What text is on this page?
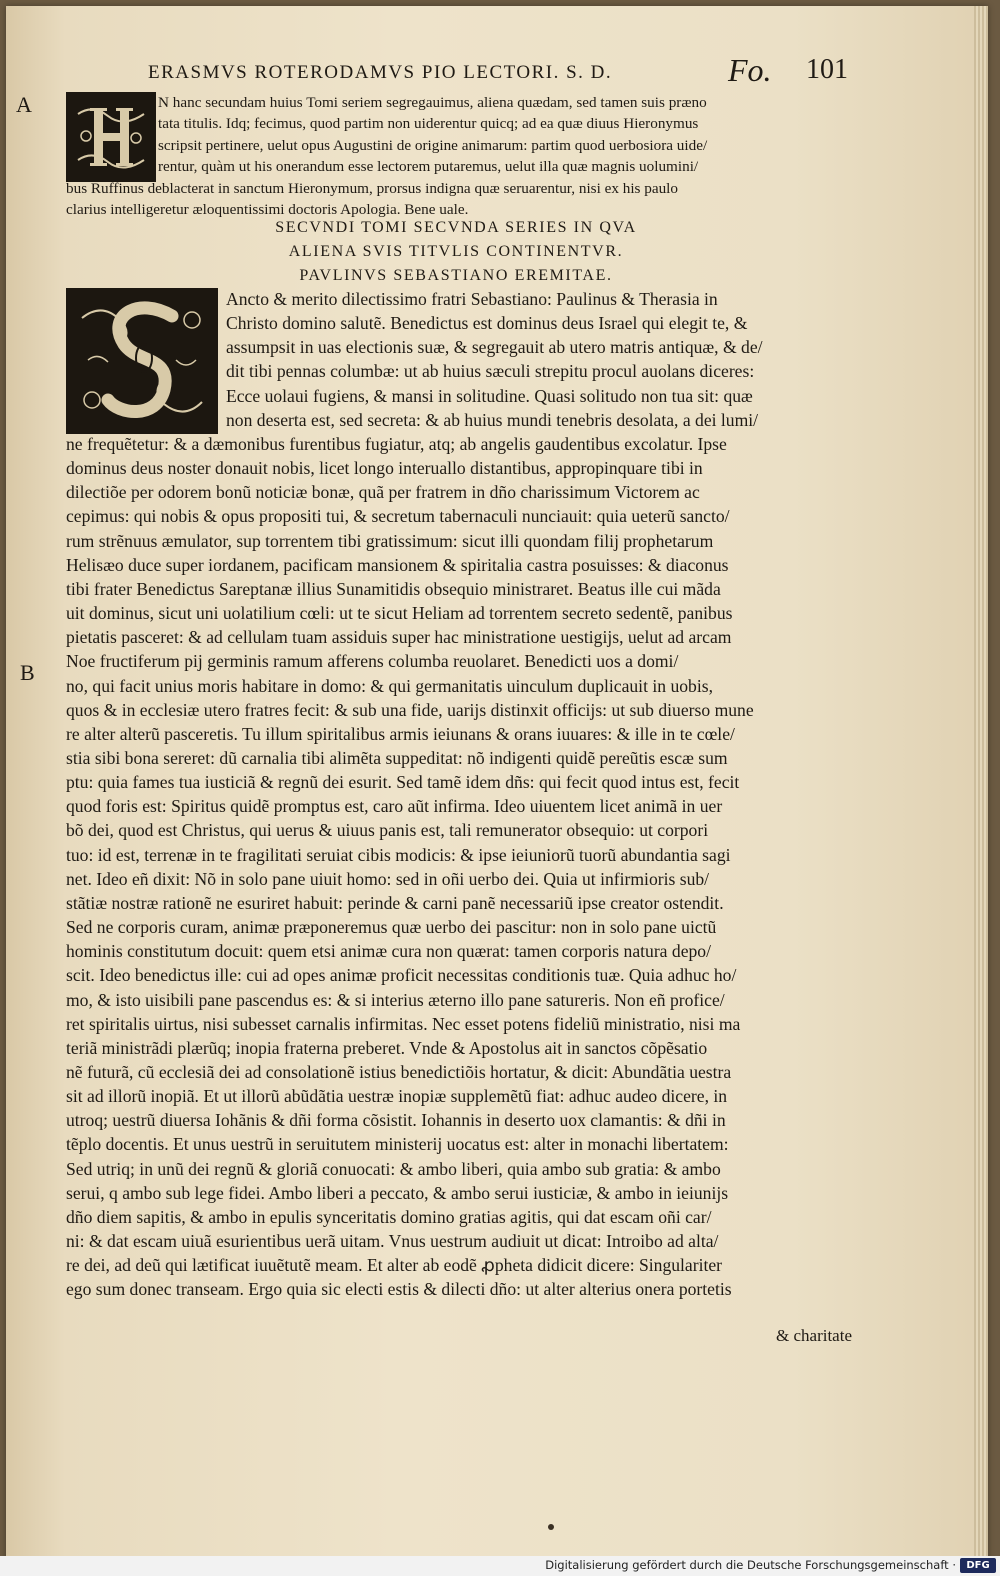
ERASMVS ROTERODAMVS PIO LECTORI. S. D.	Fo. 101
A
B
N hanc secundam huius Tomi seriem segregauimus, aliena quædam, sed tamen suis præno
tata titulis. Idq; fecimus, quod partim non uiderentur quicq; ad ea quæ diuus Hieronymus
scripsit pertinere, uelut opus Augustini de origine animarum: partim quod uerbosiora uide/
rentur, quàm ut his onerandum esse lectorem putaremus, uelut illa quæ magnis uolumini/
bus Ruffinus deblacterat in sanctum Hieronymum, prorsus indigna quæ seruarentur, nisi ex his paulo
clarius intelligeretur æloquentissimi doctoris Apologia. Bene uale.
SECVNDI TOMI SECVNDA SERIES IN QVA
ALIENA SVIS TITVLIS CONTINENTVR.
PAVLINVS SEBASTIANO EREMITAE.
Ancto & merito dilectissimo fratri Sebastiano: Paulinus & Therasia in
Christo domino salutẽ. Benedictus est dominus deus Israel qui elegit te, &
assumpsit in uas electionis suæ, & segregauit ab utero matris antiquæ, & de/
dit tibi pennas columbæ: ut ab huius sæculi strepitu procul auolans diceres:
Ecce uolaui fugiens, & mansi in solitudine. Quasi solitudo non tua sit: quæ
non deserta est, sed secreta: & ab huius mundi tenebris desolata, a dei lumi/
ne frequẽtetur: & a dæmonibus furentibus fugiatur, atq; ab angelis gaudentibus excolatur. Ipse
dominus deus noster donauit nobis, licet longo interuallo distantibus, appropinquare tibi in
dilectiõe per odorem bonũ noticiæ bonæ, quã per fratrem in dño charissimum Victorem ac
cepimus: qui nobis & opus propositi tui, & secretum tabernaculi nunciauit: quia ueterũ sancto/
rum strẽnuus æmulator, sup torrentem tibi gratissimum: sicut illi quondam filij prophetarum
Helisæo duce super iordanem, pacificam mansionem & spiritalia castra posuisses: & diaconus
tibi frater Benedictus Sareptanæ illius Sunamitidis obsequio ministraret. Beatus ille cui mãda
uit dominus, sicut uni uolatilium cœli: ut te sicut Heliam ad torrentem secreto sedentẽ, panibus
pietatis pasceret: & ad cellulam tuam assiduis super hac ministratione uestigijs, uelut ad arcam
Noe fructiferum pij germinis ramum afferens columba reuolaret. Benedicti uos a domi/
no, qui facit unius moris habitare in domo: & qui germanitatis uinculum duplicauit in uobis,
quos & in ecclesiæ utero fratres fecit: & sub una fide, uarijs distinxit officijs: ut sub diuerso mune
re alter alterũ pasceretis. Tu illum spiritalibus armis ieiunans & orans iuuares: & ille in te cœle/
stia sibi bona sereret: dũ carnalia tibi alimẽta suppeditat: nõ indigenti quidẽ pereũtis escæ sum
ptu: quia fames tua iusticiã & regnũ dei esurit. Sed tamẽ idem dñs: qui fecit quod intus est, fecit
quod foris est: Spiritus quidẽ promptus est, caro aũt infirma. Ideo uiuentem licet animã in uer
bõ dei, quod est Christus, qui uerus & uiuus panis est, tali remunerator obsequio: ut corpori
tuo: id est, terrenæ in te fragilitati seruiat cibis modicis: & ipse ieiuniorũ tuorũ abundantia sagi
net. Ideo eñ dixit: Nõ in solo pane uiuit homo: sed in oñi uerbo dei. Quia ut infirmioris sub/
stãtiæ nostræ rationẽ ne esuriret habuit: perinde & carni panẽ necessariũ ipse creator ostendit.
Sed ne corporis curam, animæ præponeremus quæ uerbo dei pascitur: non in solo pane uictũ
hominis constitutum docuit: quem etsi animæ cura non quærat: tamen corporis natura depo/
scit. Ideo benedictus ille: cui ad opes animæ proficit necessitas conditionis tuæ. Quia adhuc ho/
mo, & isto uisibili pane pascendus es: & si interius æterno illo pane satureris. Non eñ profice/
ret spiritalis uirtus, nisi subesset carnalis infirmitas. Nec esset potens fideliũ ministratio, nisi ma
teriã ministrãdi plærũq; inopia fraterna preberet. Vnde & Apostolus ait in sanctos cõpẽsatio
nẽ futurã, cũ ecclesiã dei ad consolationẽ istius benedictiõis hortatur, & dicit: Abundãtia uestra
sit ad illorũ inopiã. Et ut illorũ abũdãtia uestræ inopiæ supplemẽtũ fiat: adhuc audeo dicere, in
utroq; uestrũ diuersa Iohãnis & dñi forma cõsistit. Iohannis in deserto uox clamantis: & dñi in
tẽplo docentis. Et unus uestrũ in seruitutem ministerij uocatus est: alter in monachi libertatem:
Sed utriq; in unũ dei regnũ & gloriã conuocati: & ambo liberi, quia ambo sub gratia: & ambo
serui, q ambo sub lege fidei. Ambo liberi a peccato, & ambo serui iusticiæ, & ambo in ieiunijs
dño diem sapitis, & ambo in epulis synceritatis domino gratias agitis, qui dat escam oñi car/
ni: & dat escam uiuã esurientibus uerã uitam. Vnus uestrum audiuit ut dicat: Introibo ad alta/
re dei, ad deũ qui lætificat iuuẽtutẽ meam. Et alter ab eodẽ ꝓpheta didicit dicere: Singulariter
ego sum donec transeam. Ergo quia sic electi estis & dilecti dño: ut alter alterius onera portetis
& charitate
Digitalisierung gefördert durch die Deutsche Forschungsgemeinschaft ·	DFG
